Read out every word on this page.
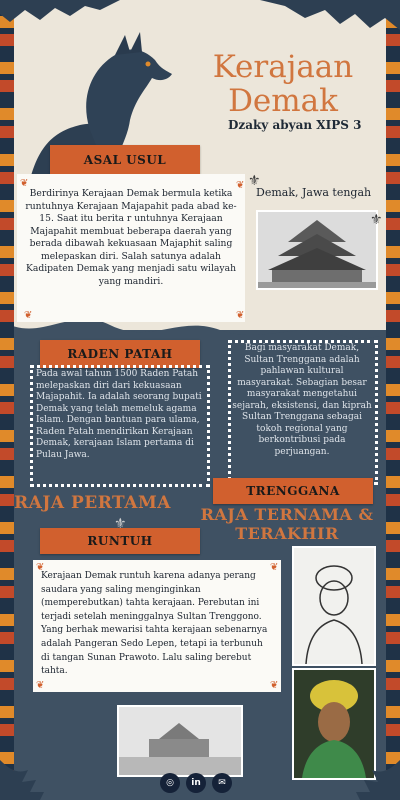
Kerajaan
Demak
Dzaky abyan XIPS 3
ASAL USUL
Berdirinya Kerajaan Demak bermula ketika runtuhnya Kerajaan Majapahit pada abad ke-15. Saat itu berita r untuhnya Kerajaan Majapahit membuat beberapa daerah yang berada dibawah kekuasaan Majaphit saling melepaskan diri. Salah satunya adalah Kadipaten Demak yang menjadi satu wilayah yang mandiri.
❦	❦
❦	❦
Demak, Jawa tengah
⚜
⚜
RADEN PATAH
Pada awal tahun 1500 Raden Patah melepaskan diri dari kekuasaan Majapahit. Ia adalah seorang bupati Demak yang telah memeluk agama Islam. Dengan bantuan para ulama, Raden Patah mendirikan Kerajaan Demak, kerajaan Islam pertama di Pulau Jawa.
RAJA PERTAMA
Bagi masyarakat Demak, Sultan Trenggana adalah pahlawan kultural masyarakat. Sebagian besar masyarakat mengetahui sejarah, eksistensi, dan kiprah Sultan Trenggana sebagai tokoh regional yang berkontribusi pada perjuangan.
TRENGGANA
RAJA TERNAMA &
TERAKHIR
RUNTUH
⚜
Kerajaan Demak runtuh karena adanya perang saudara yang saling menginginkan (memperebutkan) tahta kerajaan. Perebutan ini terjadi setelah meninggalnya Sultan Trenggono. Yang berhak mewarisi tahta kerajaan sebenarnya adalah Pangeran Sedo Lepen, tetapi ia terbunuh di tangan Sunan Prawoto. Lalu saling berebut tahta.
❦	❦
❦	❦
◎	in	✉
